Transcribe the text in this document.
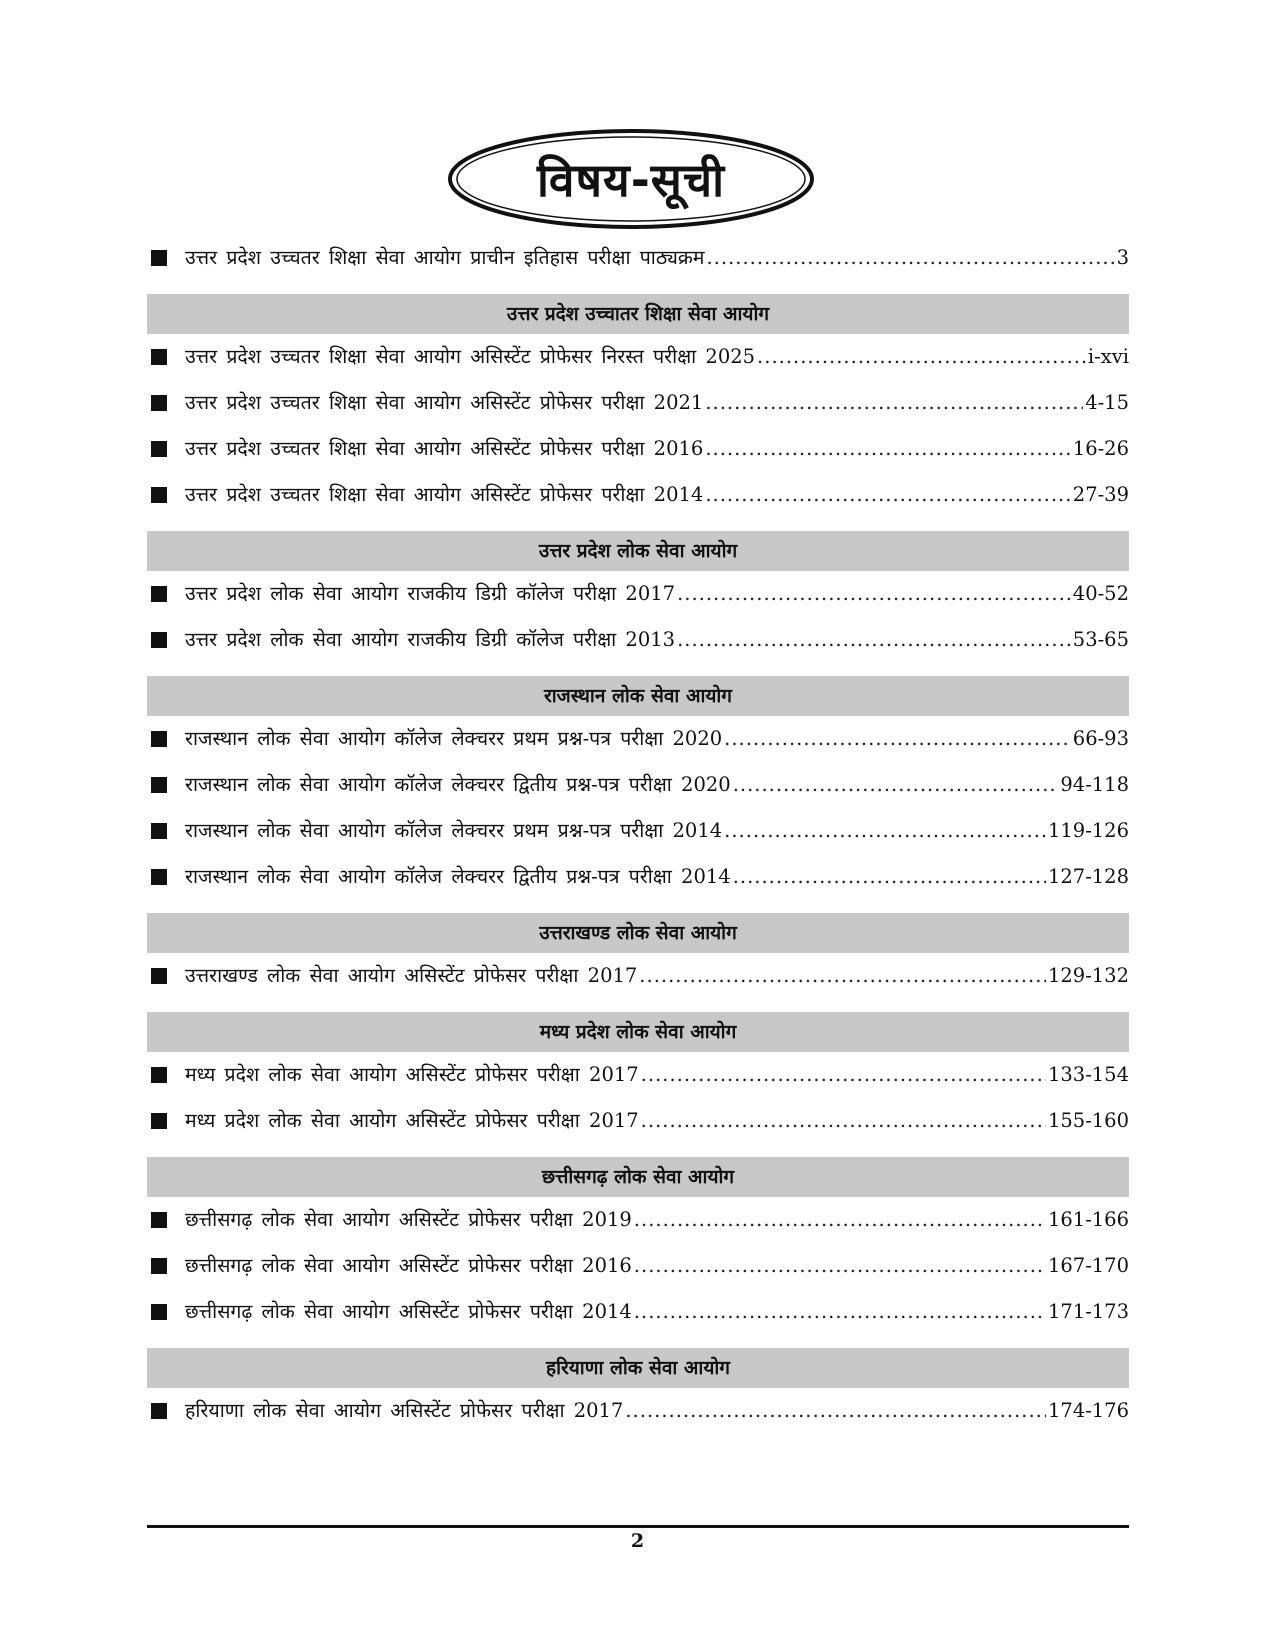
विषय-सूची
उत्तर प्रदेश उच्चतर शिक्षा सेवा आयोग प्राचीन इतिहास परीक्षा पाठ्यक्रम .....	3
उत्तर प्रदेश उच्चातर शिक्षा सेवा आयोग
उत्तर प्रदेश उच्चतर शिक्षा सेवा आयोग असिस्टेंट प्रोफेसर निरस्त परीक्षा 2025 .....	i-xvi
उत्तर प्रदेश उच्चतर शिक्षा सेवा आयोग असिस्टेंट प्रोफेसर परीक्षा 2021 .....	4-15
उत्तर प्रदेश उच्चतर शिक्षा सेवा आयोग असिस्टेंट प्रोफेसर परीक्षा 2016 .....	16-26
उत्तर प्रदेश उच्चतर शिक्षा सेवा आयोग असिस्टेंट प्रोफेसर परीक्षा 2014 .....	27-39
उत्तर प्रदेश लोक सेवा आयोग
उत्तर प्रदेश लोक सेवा आयोग राजकीय डिग्री कॉलेज परीक्षा 2017 .....	40-52
उत्तर प्रदेश लोक सेवा आयोग राजकीय डिग्री कॉलेज परीक्षा 2013 .....	53-65
राजस्थान लोक सेवा आयोग
राजस्थान लोक सेवा आयोग कॉलेज लेक्चरर प्रथम प्रश्न-पत्र परीक्षा 2020 .....	66-93
राजस्थान लोक सेवा आयोग कॉलेज लेक्चरर द्वितीय प्रश्न-पत्र परीक्षा 2020 .....	94-118
राजस्थान लोक सेवा आयोग कॉलेज लेक्चरर प्रथम प्रश्न-पत्र परीक्षा 2014 .....	119-126
राजस्थान लोक सेवा आयोग कॉलेज लेक्चरर द्वितीय प्रश्न-पत्र परीक्षा 2014 .....	127-128
उत्तराखण्ड लोक सेवा आयोग
उत्तराखण्ड लोक सेवा आयोग असिस्टेंट प्रोफेसर परीक्षा 2017 .....	129-132
मध्य प्रदेश लोक सेवा आयोग
मध्य प्रदेश लोक सेवा आयोग असिस्टेंट प्रोफेसर परीक्षा 2017 .....	133-154
मध्य प्रदेश लोक सेवा आयोग असिस्टेंट प्रोफेसर परीक्षा 2017 .....	155-160
छत्तीसगढ़ लोक सेवा आयोग
छत्तीसगढ़ लोक सेवा आयोग असिस्टेंट प्रोफेसर परीक्षा 2019 .....	161-166
छत्तीसगढ़ लोक सेवा आयोग असिस्टेंट प्रोफेसर परीक्षा 2016 .....	167-170
छत्तीसगढ़ लोक सेवा आयोग असिस्टेंट प्रोफेसर परीक्षा 2014 .....	171-173
हरियाणा लोक सेवा आयोग
हरियाणा लोक सेवा आयोग असिस्टेंट प्रोफेसर परीक्षा 2017 .....	174-176
2
